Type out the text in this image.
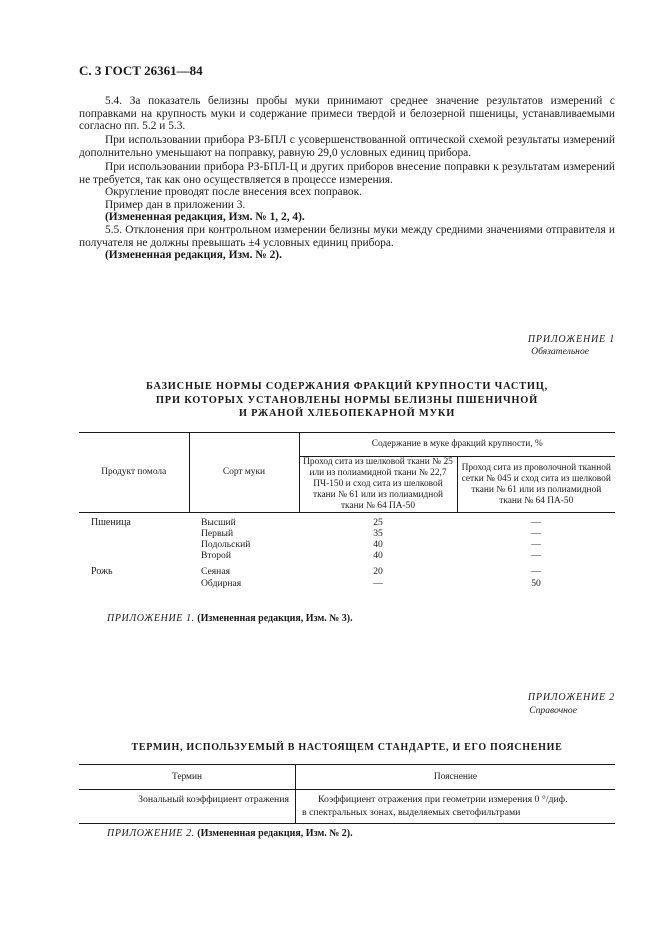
С. 3 ГОСТ 26361—84

5.4. За показатель белизны пробы муки принимают среднее значение результатов измерений с поправками на крупность муки и содержание примеси твердой и белозерной пшеницы, устанавливаемыми согласно пп. 5.2 и 5.3.

При использовании прибора РЗ-БПЛ с усовершенствованной оптической схемой результаты измерений дополнительно уменьшают на поправку, равную 29,0 условных единиц прибора.

При использовании прибора РЗ-БПЛ-Ц и других приборов внесение поправки к результатам измерений не требуется, так как оно осуществляется в процессе измерения.

Округление проводят после внесения всех поправок.

Пример дан в приложении 3.

(Измененная редакция, Изм. № 1, 2, 4).

5.5. Отклонения при контрольном измерении белизны муки между средними значениями отправителя и получателя не должны превышать ±4 условных единиц прибора.

(Измененная редакция, Изм. № 2).

ПРИЛОЖЕНИЕ 1
Обязательное
БАЗИСНЫЕ НОРМЫ СОДЕРЖАНИЯ ФРАКЦИЙ КРУПНОСТИ ЧАСТИЦ,
ПРИ КОТОРЫХ УСТАНОВЛЕНЫ НОРМЫ БЕЛИЗНЫ ПШЕНИЧНОЙ
И РЖАНОЙ ХЛЕБОПЕКАРНОЙ МУКИ
Продукт помола	Сорт муки	Содержание в муке фракций крупности, %	
		Проход сита из шелковой ткани № 25 или из полиамидной ткани № 22,7 ПЧ-150 и сход сита из шелковой ткани № 61 или из полиамидной ткани № 64 ПА-50	Проход сита из проволочной тканной сетки № 045 и сход сита из шелковой ткани № 61 или из полиамидной ткани № 64 ПА-50

Пшеница	Высший	25	—
	Первый	35	—
	Подольский	40	—
	Второй	40	—

Рожь	Сеяная	20	—
	Обдирная	—	50
ПРИЛОЖЕНИЕ 1. (Измененная редакция, Изм. № 3).
ПРИЛОЖЕНИЕ 2
Справочное
ТЕРМИН, ИСПОЛЬЗУЕМЫЙ В НАСТОЯЩЕМ СТАНДАРТЕ, И ЕГО ПОЯСНЕНИЕ
Термин	Пояснение
Зональный коэффициент отражения	Коэффициент отражения при геометрии измерения 0 °/диф.
в спектральных зонах, выделяемых светофильтрами
ПРИЛОЖЕНИЕ 2. (Измененная редакция, Изм. № 2).
